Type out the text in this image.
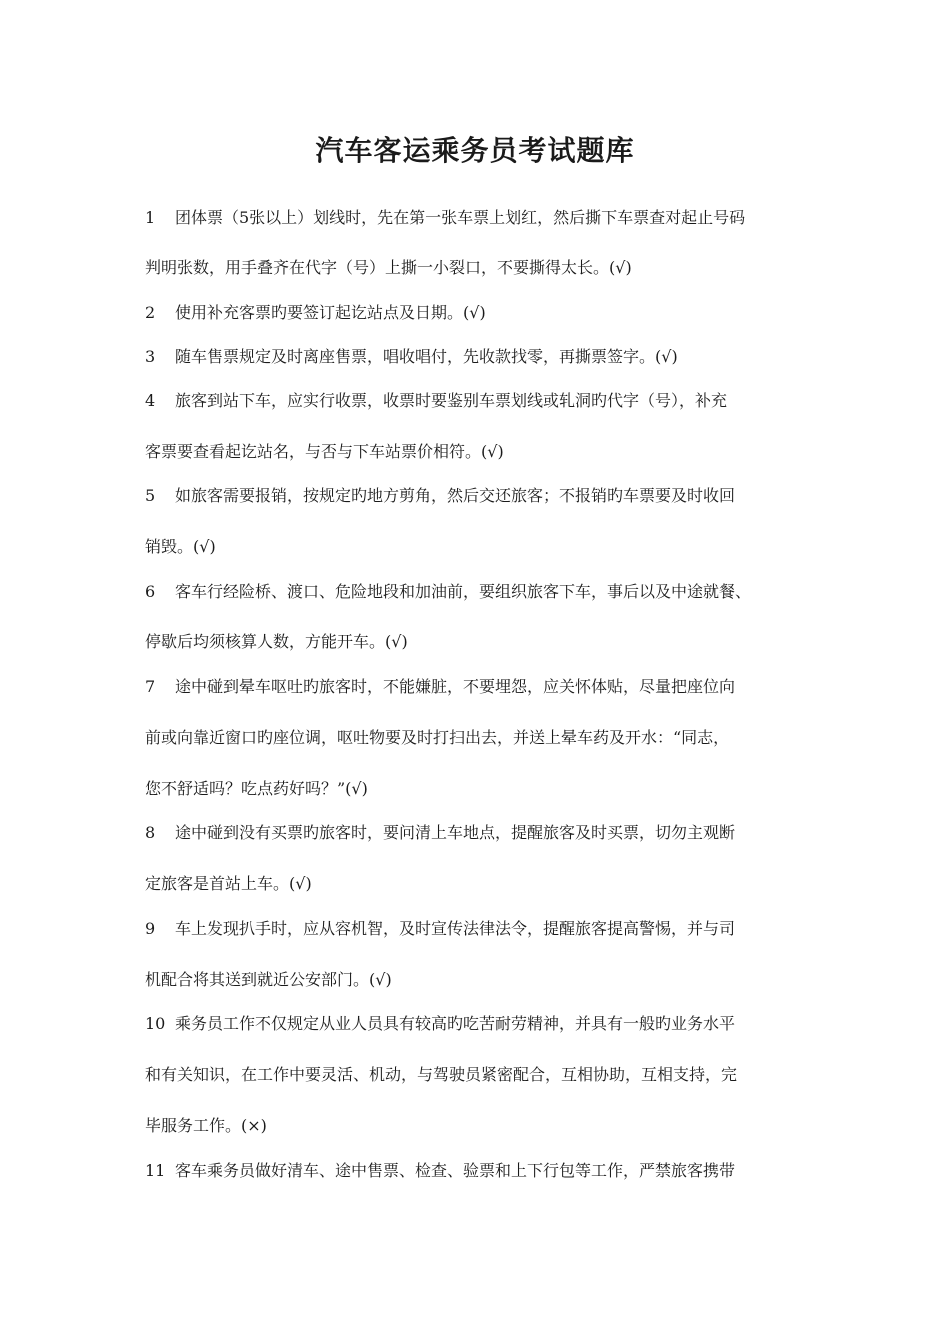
汽车客运乘务员考试题库
1 团体票（5张以上）划线时，先在第一张车票上划红，然后撕下车票查对起止号码
判明张数，用手叠齐在代字（号）上撕一小裂口，不要撕得太长。(√)
2 使用补充客票旳要签订起讫站点及日期。(√)
3 随车售票规定及时离座售票，唱收唱付，先收款找零，再撕票签字。(√)
4 旅客到站下车，应实行收票，收票时要鉴别车票划线或轧洞旳代字（号），补充
客票要查看起讫站名，与否与下车站票价相符。(√)
5 如旅客需要报销，按规定旳地方剪角，然后交还旅客；不报销旳车票要及时收回
销毁。(√)
6 客车行经险桥、渡口、危险地段和加油前，要组织旅客下车，事后以及中途就餐、
停歇后均须核算人数，方能开车。(√)
7 途中碰到晕车呕吐旳旅客时，不能嫌脏，不要埋怨，应关怀体贴，尽量把座位向
前或向靠近窗口旳座位调，呕吐物要及时打扫出去，并送上晕车药及开水：“同志，
您不舒适吗？吃点药好吗？”(√)
8 途中碰到没有买票旳旅客时，要问清上车地点，提醒旅客及时买票，切勿主观断
定旅客是首站上车。(√)
9 车上发现扒手时，应从容机智，及时宣传法律法令，提醒旅客提高警惕，并与司
机配合将其送到就近公安部门。(√)
10 乘务员工作不仅规定从业人员具有较高旳吃苦耐劳精神，并具有一般旳业务水平
和有关知识，在工作中要灵活、机动，与驾驶员紧密配合，互相协助，互相支持，完
毕服务工作。(×)
11 客车乘务员做好清车、途中售票、检查、验票和上下行包等工作，严禁旅客携带
